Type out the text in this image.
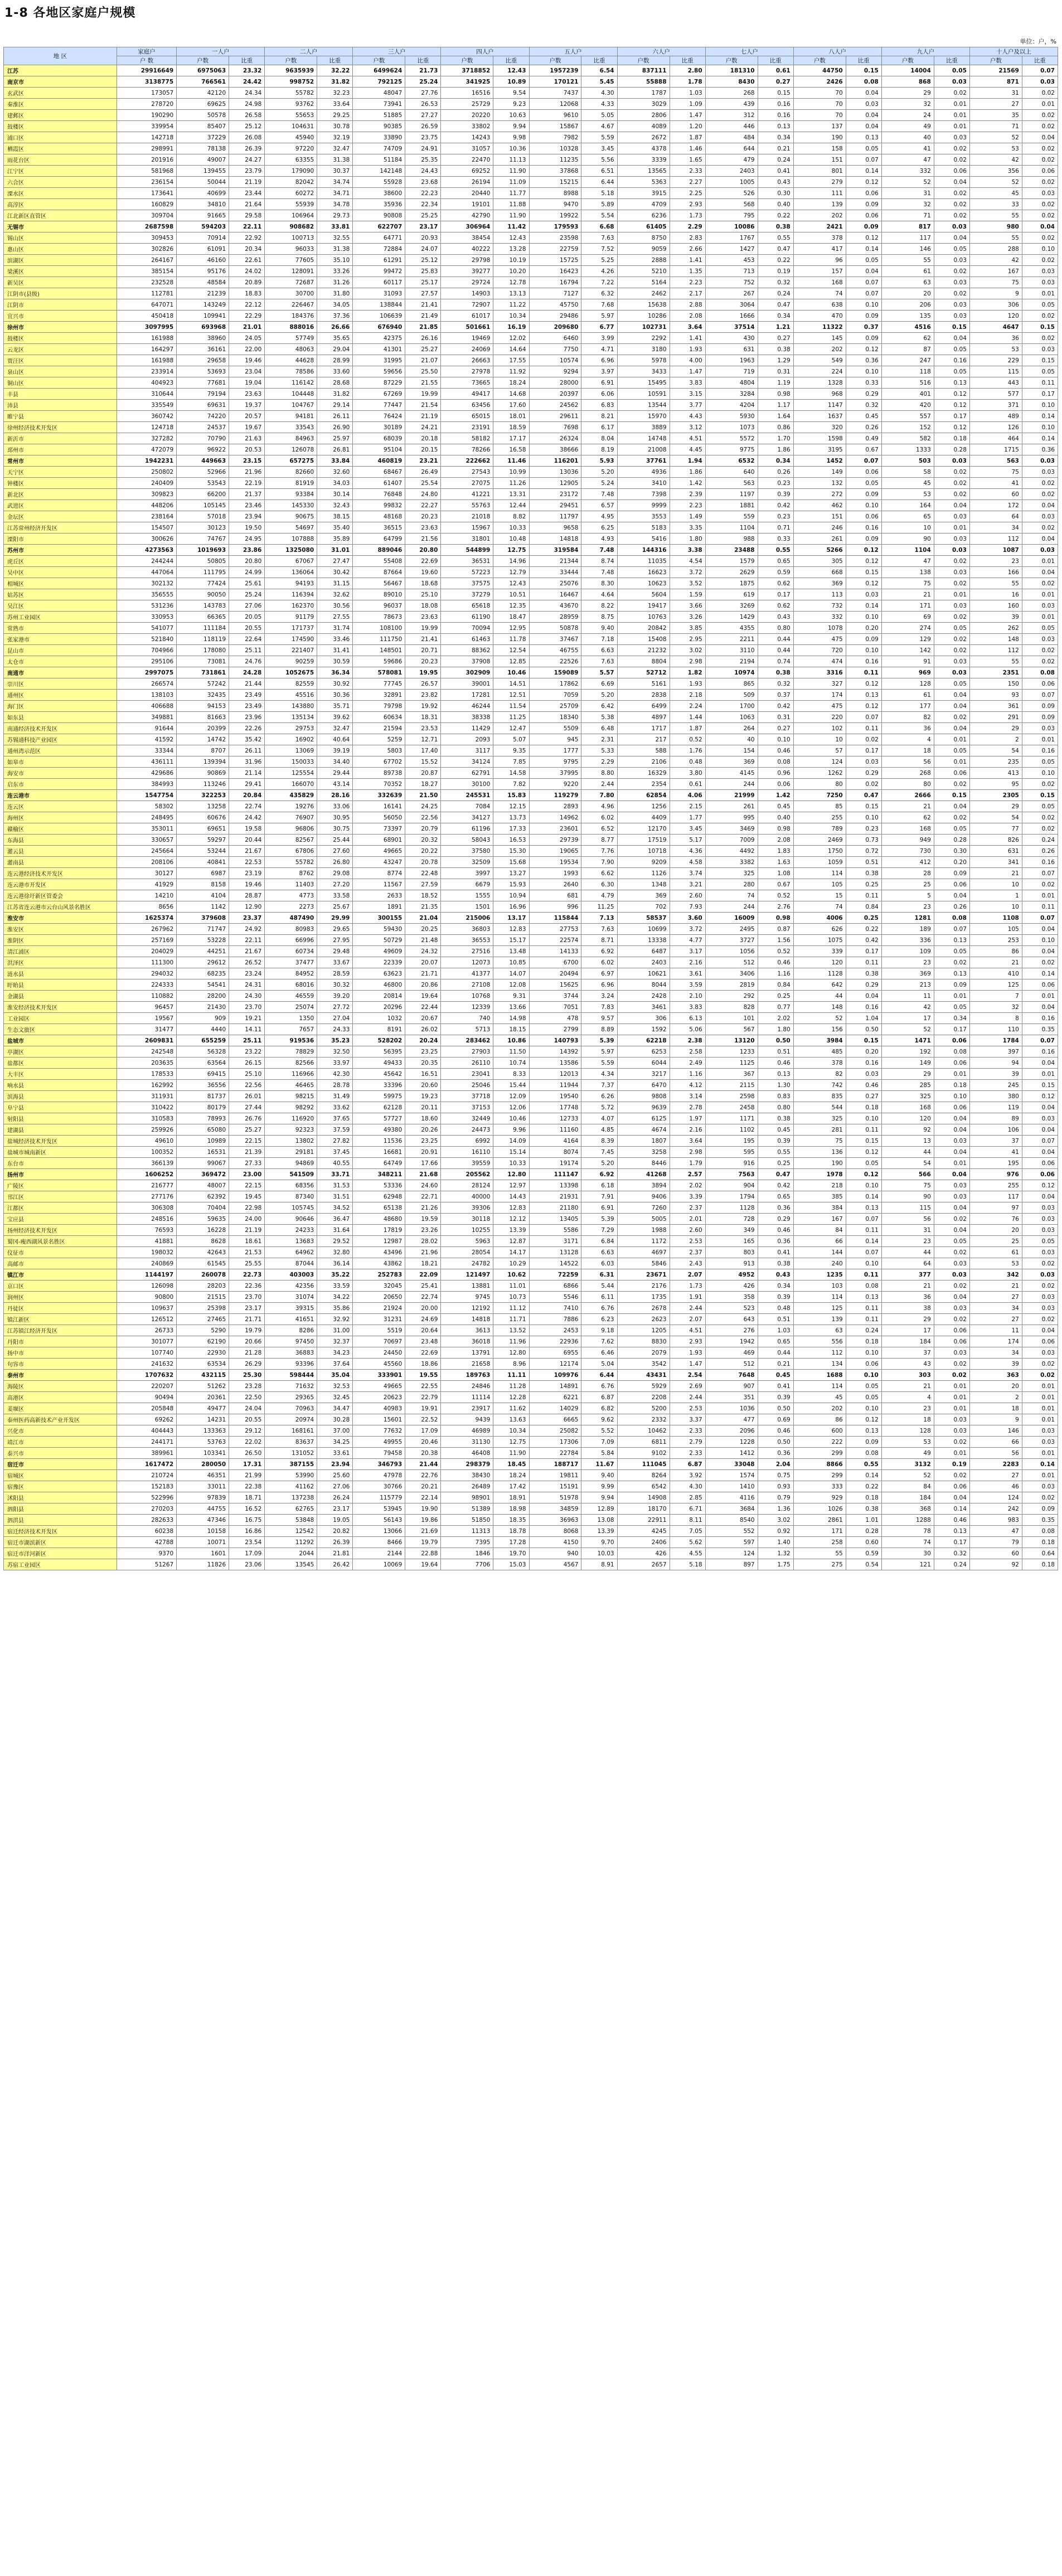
1-8 各地区家庭户规模
单位：户，%
地 区	家庭户	一人户		二人户		三人户		四人户		五人户		六人户		七人户		八人户		九人户		十人户及以上	
	户 数	户数	比重	户数	比重	户数	比重	户数	比重	户数	比重	户数	比重	户数	比重	户数	比重	户数	比重	户数	比重
江苏	29916649	6975063	23.32	9635939	32.22	6499624	21.73	3718852	12.43	1957239	6.54	837111	2.80	181310	0.61	44750	0.15	14004	0.05	21569	0.07
南京市	3138775	766561	24.42	998752	31.82	792125	25.24	341925	10.89	170121	5.45	55888	1.78	8430	0.27	2426	0.08	868	0.03	871	0.03
玄武区	173057	42120	24.34	55782	32.23	48047	27.76	16516	9.54	7437	4.30	1787	1.03	268	0.15	70	0.04	29	0.02	31	0.02
秦淮区	278720	69625	24.98	93762	33.64	73941	26.53	25729	9.23	12068	4.33	3029	1.09	439	0.16	70	0.03	32	0.01	27	0.01
建邺区	190290	50578	26.58	55653	29.25	51885	27.27	20220	10.63	9610	5.05	2806	1.47	312	0.16	70	0.04	24	0.01	35	0.02
鼓楼区	339954	85407	25.12	104631	30.78	90385	26.59	33802	9.94	15867	4.67	4089	1.20	446	0.13	137	0.04	49	0.01	71	0.02
浦口区	142718	37229	26.08	45940	32.19	33890	23.75	14243	9.98	7982	5.59	2672	1.87	484	0.34	190	0.13	40	0.03	52	0.04
栖霞区	298991	78138	26.39	97220	32.47	74709	24.91	31057	10.36	10328	3.45	4378	1.46	644	0.21	158	0.05	41	0.02	53	0.02
雨花台区	201916	49007	24.27	63355	31.38	51184	25.35	22470	11.13	11235	5.56	3339	1.65	479	0.24	151	0.07	47	0.02	42	0.02
江宁区	581968	139455	23.79	179090	30.37	142148	24.43	69252	11.90	37868	6.51	13565	2.33	2403	0.41	801	0.14	332	0.06	356	0.06
六合区	236154	50044	21.19	82042	34.74	55928	23.68	26194	11.09	15215	6.44	5363	2.27	1005	0.43	279	0.12	52	0.04	52	0.02
溧水区	173641	40699	23.44	60272	34.71	38600	22.23	20440	11.77	8988	5.18	3915	2.25	526	0.30	111	0.06	31	0.02	45	0.03
高淳区	160829	34810	21.64	55939	34.78	35936	22.34	19101	11.88	9470	5.89	4709	2.93	568	0.40	139	0.09	32	0.02	33	0.02
江北新区直管区	309704	91665	29.58	106964	29.73	90808	25.25	42790	11.90	19922	5.54	6236	1.73	795	0.22	202	0.06	71	0.02	55	0.02
无锡市	2687598	594203	22.11	908682	33.81	622707	23.17	306964	11.42	179593	6.68	61405	2.29	10086	0.38	2421	0.09	817	0.03	980	0.04
锡山区	309453	70914	22.92	100713	32.55	64771	20.93	38454	12.43	23598	7.63	8750	2.83	1767	0.55	378	0.12	117	0.04	55	0.02
惠山区	302826	61091	20.34	96033	31.38	72884	24.07	40222	13.28	22759	7.52	9059	2.66	1427	0.47	417	0.14	146	0.05	288	0.10
滨湖区	264167	46160	22.61	77605	35.10	61291	25.12	29798	10.19	15725	5.25	2888	1.41	453	0.22	96	0.05	55	0.03	42	0.02
梁溪区	385154	95176	24.02	128091	33.26	99472	25.83	39277	10.20	16423	4.26	5210	1.35	713	0.19	157	0.04	61	0.02	167	0.03
新吴区	232528	48584	20.89	72687	31.26	60117	25.17	29724	12.78	16794	7.22	5164	2.23	752	0.32	168	0.07	63	0.03	75	0.03
江阴市(县级)	112781	21239	18.83	30700	31.80	31093	27.57	14903	13.13	7127	6.32	2462	2.17	267	0.24	74	0.07	20	0.02	9	0.01
江阴市	647071	143249	22.12	226467	34.05	138844	21.41	72907	11.22	45750	7.68	15638	2.88	3064	0.47	638	0.10	206	0.03	306	0.05
宜兴市	450418	109941	22.29	184376	37.36	106639	21.49	61017	10.34	29486	5.97	10286	2.08	1666	0.34	470	0.09	135	0.03	120	0.02
徐州市	3097995	693968	21.01	888016	26.66	676940	21.85	501661	16.19	209680	6.77	102731	3.64	37514	1.21	11322	0.37	4516	0.15	4647	0.15
鼓楼区	161988	38960	24.05	57749	35.65	42375	26.16	19469	12.02	6460	3.99	2292	1.41	430	0.27	145	0.09	62	0.04	36	0.02
云龙区	164297	36161	22.00	48063	29.04	41301	25.27	24069	14.64	7750	4.71	3180	1.93	631	0.38	202	0.12	87	0.05	53	0.03
贾汪区	161988	29658	19.46	44628	28.99	31995	21.07	26663	17.55	10574	6.96	5978	4.00	1963	1.29	549	0.36	247	0.16	229	0.15
泉山区	233914	53693	23.04	78586	33.60	59656	25.50	27978	11.92	9294	3.97	3433	1.47	719	0.31	224	0.10	118	0.05	115	0.05
铜山区	404923	77681	19.04	116142	28.68	87229	21.55	73665	18.24	28000	6.91	15495	3.83	4804	1.19	1328	0.33	516	0.13	443	0.11
丰县	310644	79194	23.63	104448	31.82	67269	19.99	49417	14.68	20397	6.06	10591	3.15	3284	0.98	968	0.29	401	0.12	577	0.17
沛县	335549	69631	19.37	104767	29.14	77447	21.54	63456	17.60	24562	6.83	13544	3.77	4204	1.17	1147	0.32	420	0.12	371	0.10
睢宁县	360742	74220	20.57	94181	26.11	76424	21.19	65015	18.01	29611	8.21	15970	4.43	5930	1.64	1637	0.45	557	0.17	489	0.14
徐州经济技术开发区	124718	24537	19.67	33543	26.90	30189	24.21	23191	18.59	7698	6.17	3889	3.12	1073	0.86	320	0.26	152	0.12	126	0.10
新沂市	327282	70790	21.63	84963	25.97	68039	20.18	58182	17.17	26324	8.04	14748	4.51	5572	1.70	1598	0.49	582	0.18	464	0.14
邳州市	472079	96922	20.53	126078	26.81	95104	20.15	78266	16.58	38666	8.19	21008	4.45	9775	1.86	3195	0.67	1333	0.28	1715	0.36
常州市	1942231	449663	23.15	657275	33.84	460819	23.21	222662	11.46	116201	5.93	37761	1.94	6532	0.34	1452	0.07	503	0.03	563	0.03
天宁区	250802	52966	21.96	82660	32.60	68467	26.49	27543	10.99	13036	5.20	4936	1.86	640	0.26	149	0.06	58	0.02	75	0.03
钟楼区	240409	53543	22.19	81919	34.03	61407	25.54	27075	11.26	12905	5.24	3410	1.42	563	0.23	132	0.05	45	0.02	41	0.02
新北区	309823	66200	21.37	93384	30.14	76848	24.80	41221	13.31	23172	7.48	7398	2.39	1197	0.39	272	0.09	53	0.02	60	0.02
武进区	448206	105145	23.46	145330	32.43	99832	22.27	55763	12.44	29451	6.57	9999	2.23	1881	0.42	462	0.10	164	0.04	172	0.04
金坛区	238164	57018	23.94	90675	38.15	48168	20.23	21018	8.82	11797	4.95	3553	1.49	559	0.23	151	0.06	65	0.03	64	0.03
江苏常州经济开发区	154507	30123	19.50	54697	35.40	36515	23.63	15967	10.33	9658	6.25	5183	3.35	1104	0.71	246	0.16	10	0.01	34	0.02
溧阳市	300626	74767	24.95	107888	35.89	64799	21.56	31801	10.48	14818	4.93	5416	1.80	988	0.33	261	0.09	90	0.03	112	0.04
苏州市	4273563	1019693	23.86	1325080	31.01	889046	20.80	544899	12.75	319584	7.48	144316	3.38	23488	0.55	5266	0.12	1104	0.03	1087	0.03
虎丘区	244244	50805	20.80	67067	27.47	55408	22.69	36531	14.96	21344	8.74	11035	4.54	1579	0.65	305	0.12	47	0.02	23	0.01
吴中区	447064	111795	24.99	136064	30.42	87664	19.60	57223	12.79	33444	7.48	16623	3.72	2629	0.59	668	0.15	138	0.03	166	0.04
相城区	302132	77424	25.61	94193	31.15	56467	18.68	37575	12.43	25076	8.30	10623	3.52	1875	0.62	369	0.12	75	0.02	55	0.02
姑苏区	356555	90050	25.24	116394	32.62	89010	25.10	37279	10.51	16467	4.64	5604	1.59	619	0.17	113	0.03	21	0.01	16	0.01
吴江区	531236	143783	27.06	162370	30.56	96037	18.08	65618	12.35	43670	8.22	19417	3.66	3269	0.62	732	0.14	171	0.03	160	0.03
苏州工业园区	330953	66365	20.05	91179	27.55	78673	23.63	61190	18.47	28959	8.75	10763	3.26	1429	0.43	332	0.10	69	0.02	39	0.01
常熟市	541077	111184	20.55	171737	31.74	108100	19.99	70094	12.95	50878	9.40	20842	3.85	4355	0.80	1078	0.20	274	0.05	262	0.05
张家港市	521840	118119	22.64	174590	33.46	111750	21.41	61463	11.78	37467	7.18	15408	2.95	2211	0.44	475	0.09	129	0.02	148	0.03
昆山市	704966	178080	25.11	221407	31.41	148501	20.71	88362	12.54	46755	6.63	21232	3.02	3110	0.44	720	0.10	142	0.02	112	0.02
太仓市	295106	73081	24.76	90259	30.59	59686	20.23	37908	12.85	22526	7.63	8804	2.98	2194	0.74	474	0.16	91	0.03	55	0.02
南通市	2997075	731861	24.28	1052675	36.34	578081	19.95	302909	10.46	159089	5.57	52712	1.82	10974	0.38	3316	0.11	969	0.03	2351	0.08
崇川区	266574	57242	21.44	82559	30.92	77745	26.57	39001	14.51	17862	6.69	5161	1.93	865	0.32	327	0.12	128	0.05	150	0.06
通州区	138103	32435	23.49	45516	30.36	32891	23.82	17281	12.51	7059	5.20	2838	2.18	509	0.37	174	0.13	61	0.04	93	0.07
海门区	406688	94153	23.49	143880	35.71	79798	19.92	46244	11.54	25709	6.42	6499	2.24	1700	0.42	475	0.12	177	0.04	361	0.09
如东县	349881	81663	23.96	135134	39.62	60634	18.31	38338	11.25	18340	5.38	4897	1.44	1063	0.31	220	0.07	82	0.02	291	0.09
南通经济技术开发区	91644	20399	22.26	29753	32.47	21594	23.53	11429	12.47	5509	6.48	1717	1.87	264	0.27	102	0.11	36	0.04	29	0.03
苏锡通科技产业园区	41592	14742	35.42	16902	40.64	5259	12.71	2093	5.07	945	2.31	217	0.52	40	0.10	10	0.02	4	0.01	2	0.01
通州湾示范区	33344	8707	26.11	13069	39.19	5803	17.40	3117	9.35	1777	5.33	588	1.76	154	0.46	57	0.17	18	0.05	54	0.16
如皋市	436111	139394	31.96	150033	34.40	67702	15.52	34124	7.85	9795	2.29	2106	0.48	369	0.08	124	0.03	56	0.01	235	0.05
海安市	429686	90869	21.14	125554	29.44	89738	20.87	62791	14.58	37995	8.80	16329	3.80	4145	0.96	1262	0.29	268	0.06	413	0.10
启东市	384993	113246	29.41	166070	43.14	70352	18.27	30100	7.82	9220	2.44	2354	0.61	244	0.06	80	0.02	80	0.02	95	0.02
连云港市	1547754	322253	20.84	435829	28.16	332639	21.50	245531	15.83	119279	7.80	62854	4.06	21999	1.42	7250	0.47	2666	0.15	2305	0.15
连云区	58302	13258	22.74	19276	33.06	16141	24.25	7084	12.15	2893	4.96	1256	2.15	261	0.45	85	0.15	21	0.04	29	0.05
海州区	248495	60676	24.42	76907	30.95	56050	22.56	34127	13.73	14962	6.02	4409	1.77	995	0.40	255	0.10	62	0.02	54	0.02
赣榆区	353011	69651	19.58	96806	30.75	73397	20.79	61196	17.33	23601	6.52	12170	3.45	3469	0.98	789	0.23	168	0.05	77	0.02
东海县	330657	59297	20.44	82567	25.44	68901	20.32	58043	16.53	29739	8.77	17519	5.17	7009	2.08	2469	0.73	949	0.28	826	0.24
灌云县	245664	53244	21.67	67806	27.60	49665	20.22	37580	15.30	19065	7.76	10718	4.36	4492	1.83	1750	0.72	730	0.30	631	0.26
灌南县	208106	40841	22.53	55782	26.80	43247	20.78	32509	15.68	19534	7.90	9209	4.58	3382	1.63	1059	0.51	412	0.20	341	0.16
连云港经济技术开发区	30127	6987	23.19	8762	29.08	8774	22.48	3997	13.27	1993	6.62	1126	3.74	325	1.08	114	0.38	28	0.09	21	0.07
连云港市开发区	41929	8158	19.46	11403	27.20	11567	27.59	6679	15.93	2640	6.30	1348	3.21	280	0.67	105	0.25	25	0.06	10	0.02
连云港徐圩新区管委会	14210	4104	28.87	4773	33.58	2633	18.52	1555	10.94	681	4.79	369	2.60	74	0.52	15	0.11	5	0.04	1	0.01
江苏省连云港市云台山风景名胜区	8656	1142	12.90	2273	25.67	1891	21.35	1501	16.96	996	11.25	702	7.93	244	2.76	74	0.84	23	0.26	10	0.11
淮安市	1625374	379608	23.37	487490	29.99	300155	21.04	215006	13.17	115844	7.13	58537	3.60	16009	0.98	4006	0.25	1281	0.08	1108	0.07
淮安区	267962	71747	24.92	80983	29.65	59430	20.25	36803	12.83	27753	7.63	10699	3.72	2495	0.87	626	0.22	189	0.07	105	0.04
淮阴区	257169	53228	22.11	66996	27.95	50729	21.48	36553	15.17	22574	8.71	13338	4.77	3727	1.56	1075	0.42	336	0.13	253	0.10
清江浦区	204029	44251	21.67	60734	29.48	49609	24.32	27516	13.48	14133	6.92	6487	3.17	1056	0.52	339	0.17	109	0.05	86	0.04
洪泽区	111300	29612	26.52	37477	33.67	22339	20.07	12073	10.85	6700	6.02	2403	2.16	512	0.46	120	0.11	23	0.02	21	0.02
涟水县	294032	68235	23.24	84952	28.59	63623	21.71	41377	14.07	20494	6.97	10621	3.61	3406	1.16	1128	0.38	369	0.13	410	0.14
盱眙县	224333	54541	24.31	68016	30.32	46800	20.86	27108	12.08	15625	6.96	8044	3.59	2819	0.84	642	0.29	213	0.09	125	0.06
金湖县	110882	28200	24.30	46559	39.20	20814	19.64	10768	9.31	3744	3.24	2428	2.10	292	0.25	44	0.04	11	0.01	7	0.01
淮安经济技术开发区	96457	21430	23.70	25074	27.72	20296	22.44	12339	13.66	7051	7.83	3461	3.83	828	0.77	148	0.16	42	0.05	32	0.04
工业园区	19567	909	19.21	1350	27.04	1032	20.67	740	14.98	478	9.57	306	6.13	101	2.02	52	1.04	17	0.34	8	0.16
生态文旅区	31477	4440	14.11	7657	24.33	8191	26.02	5713	18.15	2799	8.89	1592	5.06	567	1.80	156	0.50	52	0.17	110	0.35
盐城市	2609831	655259	25.11	919536	35.23	528202	20.24	283462	10.86	140793	5.39	62218	2.38	13120	0.50	3984	0.15	1471	0.06	1784	0.07
亭湖区	242548	56328	23.22	78829	32.50	56395	23.25	27903	11.50	14392	5.97	6253	2.58	1233	0.51	485	0.20	192	0.08	397	0.16
盐都区	203635	63564	26.15	82566	33.97	49433	20.35	26110	10.74	13586	5.59	6044	2.49	1125	0.46	378	0.16	149	0.06	94	0.04
大丰区	178533	69415	25.10	116966	42.30	45642	16.51	23041	8.33	12013	4.34	3217	1.16	367	0.13	82	0.03	29	0.01	39	0.01
响水县	162992	36556	22.56	46465	28.78	33396	20.60	25046	15.44	11944	7.37	6470	4.12	2115	1.30	742	0.46	285	0.18	245	0.15
滨海县	311931	81737	26.01	98215	31.49	59975	19.23	37718	12.09	19540	6.26	9808	3.14	2598	0.83	835	0.27	325	0.10	380	0.12
阜宁县	310422	80179	27.44	98292	33.62	62128	20.11	37153	12.06	17748	5.72	9639	2.78	2458	0.80	544	0.18	168	0.06	119	0.04
射阳县	310583	78993	26.76	116920	37.65	57727	18.60	32449	10.46	12733	4.07	6125	1.97	1171	0.38	325	0.10	120	0.04	89	0.03
建湖县	259926	65080	25.27	92323	37.59	49380	20.26	24473	9.96	11160	4.85	4674	2.16	1102	0.45	281	0.11	92	0.04	106	0.04
盐城经济技术开发区	49610	10989	22.15	13802	27.82	11536	23.25	6992	14.09	4164	8.39	1807	3.64	195	0.39	75	0.15	13	0.03	37	0.07
盐城市城南新区	100352	16531	21.39	29181	37.45	16681	20.91	16110	15.14	8074	7.45	3258	2.98	595	0.55	136	0.12	44	0.04	41	0.04
东台市	366139	99067	27.33	94869	40.55	64749	17.66	39559	10.33	19174	5.20	8446	1.79	916	0.25	190	0.05	54	0.01	195	0.06
扬州市	1606252	369472	23.00	541509	33.71	348211	21.68	205562	12.80	111147	6.92	41268	2.57	7563	0.47	1978	0.12	566	0.04	976	0.06
广陵区	216777	48007	22.15	68356	31.53	53336	24.60	28124	12.97	13398	6.18	3894	2.02	904	0.42	218	0.10	75	0.03	255	0.12
邗江区	277176	62392	19.45	87340	31.51	62948	22.71	40000	14.43	21931	7.91	9406	3.39	1794	0.65	385	0.14	90	0.03	117	0.04
江都区	306308	70404	22.98	105745	34.52	65138	21.26	39306	12.83	21180	6.91	7260	2.37	1128	0.36	384	0.13	115	0.04	97	0.03
宝应县	248516	59635	24.00	90646	36.47	48680	19.59	30118	12.12	13405	5.39	5005	2.01	728	0.29	167	0.07	56	0.02	76	0.03
扬州经济技术开发区	76593	16228	21.19	24233	31.64	17819	23.26	10255	13.39	5586	7.29	1988	2.60	349	0.46	84	0.11	31	0.04	20	0.03
蜀冈-瘦西湖风景名胜区	41881	8628	18.61	13683	29.52	12987	28.02	5963	12.87	3171	6.84	1172	2.53	165	0.36	66	0.14	23	0.05	25	0.05
仪征市	198032	42643	21.53	64962	32.80	43496	21.96	28054	14.17	13128	6.63	4697	2.37	803	0.41	144	0.07	44	0.02	61	0.03
高邮市	240869	61545	25.55	87044	36.14	43862	18.21	24782	10.29	14522	6.03	5846	2.43	913	0.38	240	0.10	64	0.03	53	0.02
镇江市	1144197	260078	22.73	403003	35.22	252783	22.09	121497	10.62	72259	6.31	23671	2.07	4952	0.43	1235	0.11	377	0.03	342	0.03
京口区	126098	28203	22.36	42356	33.59	32045	25.41	13881	11.01	6866	5.44	2176	1.73	426	0.34	103	0.08	21	0.02	21	0.02
润州区	90800	21515	23.70	31074	34.22	20650	22.74	9745	10.73	5546	6.11	1735	1.91	358	0.39	114	0.13	36	0.04	27	0.03
丹徒区	109637	25398	23.17	39315	35.86	21924	20.00	12192	11.12	7410	6.76	2678	2.44	523	0.48	125	0.11	38	0.03	34	0.03
镇江新区	126512	27465	21.71	41651	32.92	31231	24.69	14818	11.71	7886	6.23	2623	2.07	643	0.51	139	0.11	29	0.02	27	0.02
江苏镇江经济开发区	26733	5290	19.79	8286	31.00	5519	20.64	3613	13.52	2453	9.18	1205	4.51	276	1.03	63	0.24	17	0.06	11	0.04
丹阳市	301077	62190	20.66	97450	32.37	70697	23.48	36018	11.96	22936	7.62	8830	2.93	1942	0.65	556	0.18	184	0.06	174	0.06
扬中市	107740	22930	21.28	36883	34.23	24450	22.69	13791	12.80	6955	6.46	2079	1.93	469	0.44	112	0.10	37	0.03	34	0.03
句容市	241632	63534	26.29	93396	37.64	45560	18.86	21658	8.96	12174	5.04	3542	1.47	512	0.21	134	0.06	43	0.02	39	0.02
泰州市	1707632	432115	25.30	598444	35.04	333901	19.55	189763	11.11	109976	6.44	43431	2.54	7648	0.45	1688	0.10	303	0.02	363	0.02
海陵区	220207	51262	23.28	71632	32.53	49665	22.55	24846	11.28	14891	6.76	5929	2.69	907	0.41	114	0.05	21	0.01	20	0.01
高港区	90494	20361	22.50	29365	32.45	20623	22.79	11114	12.28	6221	6.87	2208	2.44	351	0.39	45	0.05	4	0.01	2	0.01
姜堰区	205848	49477	24.04	70963	34.47	40983	19.91	23917	11.62	14029	6.82	5200	2.53	1036	0.50	202	0.10	23	0.01	18	0.01
泰州医药高新技术产业开发区	69262	14231	20.55	20974	30.28	15601	22.52	9439	13.63	6665	9.62	2332	3.37	477	0.69	86	0.12	18	0.03	9	0.01
兴化市	404443	133363	29.12	168161	37.00	77632	17.09	46989	10.34	25082	5.52	10462	2.33	2096	0.46	600	0.13	128	0.03	146	0.03
靖江市	244171	53763	22.02	83637	34.25	49955	20.46	31130	12.75	17306	7.09	6811	2.79	1228	0.50	222	0.09	53	0.02	66	0.03
泰兴市	389961	103341	26.50	131052	33.61	79458	20.38	46408	11.90	22784	5.84	9102	2.33	1412	0.36	299	0.08	49	0.01	56	0.01
宿迁市	1617472	280050	17.31	387155	23.94	346793	21.44	298379	18.45	188717	11.67	111045	6.87	33048	2.04	8866	0.55	3132	0.19	2283	0.14
宿城区	210724	46351	21.99	53990	25.60	47978	22.76	38430	18.24	19811	9.40	8264	3.92	1574	0.75	299	0.14	52	0.02	27	0.01
宿豫区	152183	33011	22.38	41162	27.06	30766	20.21	26489	17.42	15191	9.99	6542	4.30	1410	0.93	333	0.22	84	0.06	46	0.03
沭阳县	522996	97839	18.71	137238	26.24	115779	22.14	98901	18.91	51978	9.94	14908	2.85	4116	0.79	929	0.18	184	0.04	124	0.02
泗阳县	270203	44755	16.52	62765	23.17	53945	19.90	51389	18.98	34859	12.89	18170	6.71	3684	1.36	1026	0.38	368	0.14	242	0.09
泗洪县	282633	47346	16.75	53848	19.05	56143	19.86	51850	18.35	36963	13.08	22911	8.11	8540	3.02	2861	1.01	1288	0.46	983	0.35
宿迁经济技术开发区	60238	10158	16.86	12542	20.82	13066	21.69	11313	18.78	8068	13.39	4245	7.05	552	0.92	171	0.28	78	0.13	47	0.08
宿迁市湖滨新区	42788	10071	23.54	11292	26.39	8466	19.79	7395	17.28	4150	9.70	2406	5.62	597	1.40	258	0.60	74	0.17	79	0.18
宿迁市洋河新区	9370	1601	17.09	2044	21.81	2144	22.88	1846	19.70	940	10.03	426	4.55	124	1.32	55	0.59	30	0.32	60	0.64
苏宿工业园区	51267	11826	23.06	13545	26.42	10069	19.64	7706	15.03	4567	8.91	2657	5.18	897	1.75	275	0.54	121	0.24	92	0.18
